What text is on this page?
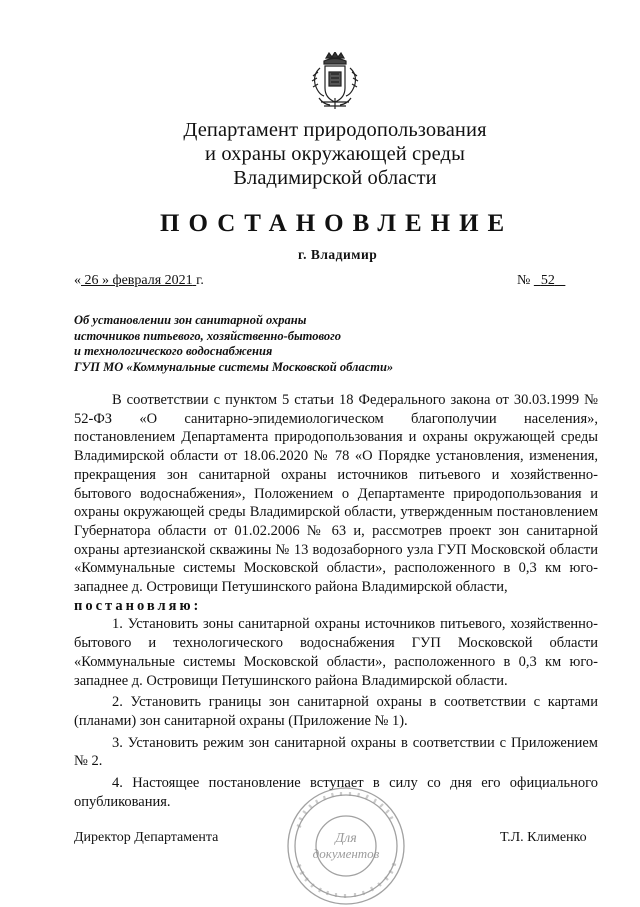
Департамент природопользования
и охраны окружающей среды
Владимирской области
ПОСТАНОВЛЕНИЕ
г. Владимир
« 26 » февраля 2021 г.	№ 52
Об установлении зон санитарной охраны
источников питьевого, хозяйственно-бытового
и технологического водоснабжения
ГУП МО «Коммунальные системы Московской области»

В соответствии с пунктом 5 статьи 18 Федерального закона от 30.03.1999 № 52-ФЗ «О санитарно-эпидемиологическом благополучии населения», постановлением Департамента природопользования и охраны окружающей среды Владимирской области от 18.06.2020 № 78 «О Порядке установления, изменения, прекращения зон санитарной охраны источников питьевого и хозяйственно-бытового водоснабжения», Положением о Департаменте природопользования и охраны окружающей среды Владимирской области, утвержденным постановлением Губернатора области от 01.02.2006 № 63 и, рассмотрев проект зон санитарной охраны артезианской скважины № 13 водозаборного узла ГУП Московской области «Коммунальные системы Московской области», расположенного в 0,3 км юго-западнее д. Островищи Петушинского района Владимирской области,

постановляю:

1. Установить зоны санитарной охраны источников питьевого, хозяйственно-бытового и технологического водоснабжения ГУП Московской области «Коммунальные системы Московской области», расположенного в 0,3 км юго-западнее д. Островищи Петушинского района Владимирской области.

2. Установить границы зон санитарной охраны в соответствии с картами (планами) зон санитарной охраны (Приложение № 1).

3. Установить режим зон санитарной охраны в соответствии с Приложением № 2.

4. Настоящее постановление вступает в силу со дня его официального опубликования.

Для
документов
Директор Департамента	Т.Л. Клименко
